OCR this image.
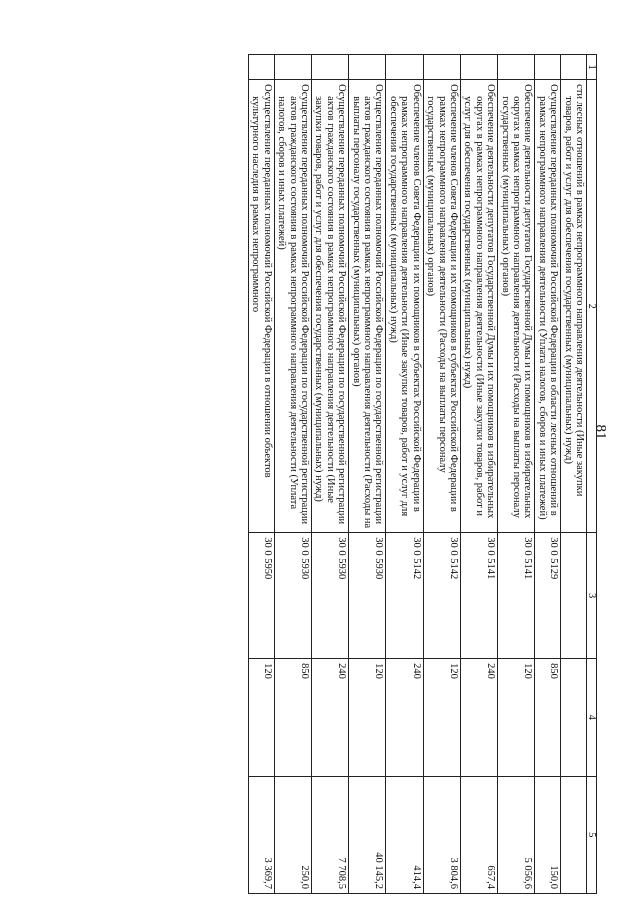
81
1	2	3	4	5
	сти лесных отношений в рамках непрограммного направления деятельности (Иные закупки товаров, работ и услуг для обеспечения государственных (муниципальных) нужд)			
	Осуществление переданных полномочий Российской Федерации в области лесных отношений в рамках непрограммного направления деятельности (Уплата налогов, сборов и иных платежей)	30 0 5129	850	150,0
	Обеспечение деятельности депутатов Государственной Думы и их помощников в избирательных округах в рамках непрограммного направления деятельности (Расходы на выплаты персоналу государственных (муниципальных) органов)	30 0 5141	120	5 056,6
	Обеспечение деятельности депутатов Государственной Думы и их помощников в избирательных округах в рамках непрограммного направления деятельности (Иные закупки товаров, работ и услуг для обеспечения государственных (муниципальных) нужд)	30 0 5141	240	657,4
	Обеспечение членов Совета Федерации и их помощников в субъектах Российской Федерации в рамках непрограммного направления деятельности (Расходы на выплаты персоналу государственных (муниципальных) органов)	30 0 5142	120	3 804,6
	Обеспечение членов Совета Федерации и их помощников в субъектах Российской Федерации в рамках непрограммного направления деятельности (Иные закупки товаров, работ и услуг для обеспечения государственных (муниципальных) нужд)	30 0 5142	240	414,4
	Осуществление переданных полномочий Российской Федерации по государственной регистрации актов гражданского состояния в рамках непрограммного направления деятельности (Расходы на выплаты персоналу государственных (муниципальных) органов)	30 0 5930	120	40 145,2
	Осуществление переданных полномочий Российской Федерации по государственной регистрации актов гражданского состояния в рамках непрограммного направления деятельности (Иные закупки товаров, работ и услуг для обеспечения государственных (муниципальных) нужд)	30 0 5930	240	7 708,5
	Осуществление переданных полномочий Российской Федерации по государственной регистрации актов гражданского состояния в рамках непрограммного направления деятельности (Уплата налогов, сборов и иных платежей)	30 0 5930	850	250,0
	Осуществление переданных полномочий Российской Федерации в отношении объектов культурного наследия в рамках непрограммного	30 0 5950	120	3 369,7
